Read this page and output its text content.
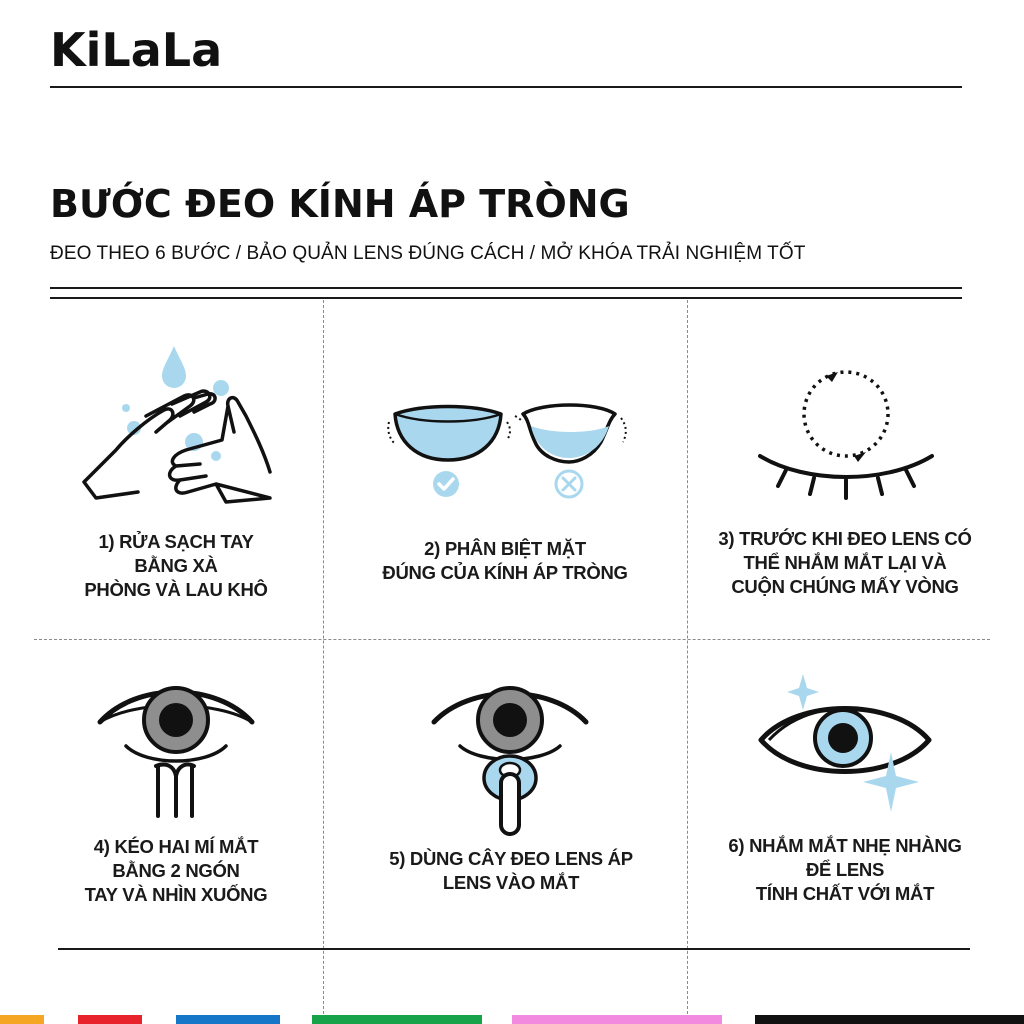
KiLaLa
BƯỚC ĐEO KÍNH ÁP TRÒNG
ĐEO THEO 6 BƯỚC / BẢO QUẢN LENS ĐÚNG CÁCH / MỞ KHÓA TRẢI NGHIỆM TỐT
1) RỬA SẠCH TAY
BẰNG XÀ
PHÒNG VÀ LAU KHÔ
2) PHÂN BIỆT MẶT
ĐÚNG CỦA KÍNH ÁP TRÒNG
3) TRƯỚC KHI ĐEO LENS CÓ
THỂ NHẮM MẮT LẠI VÀ
CUỘN CHÚNG MẤY VÒNG
4) KÉO HAI MÍ MẮT
BẰNG 2 NGÓN
TAY VÀ NHÌN XUỐNG
5) DÙNG CÂY ĐEO LENS ÁP
LENS VÀO MẮT
6) NHẮM MẮT NHẸ NHÀNG
ĐỂ LENS
TÍNH CHẤT VỚI MẮT
